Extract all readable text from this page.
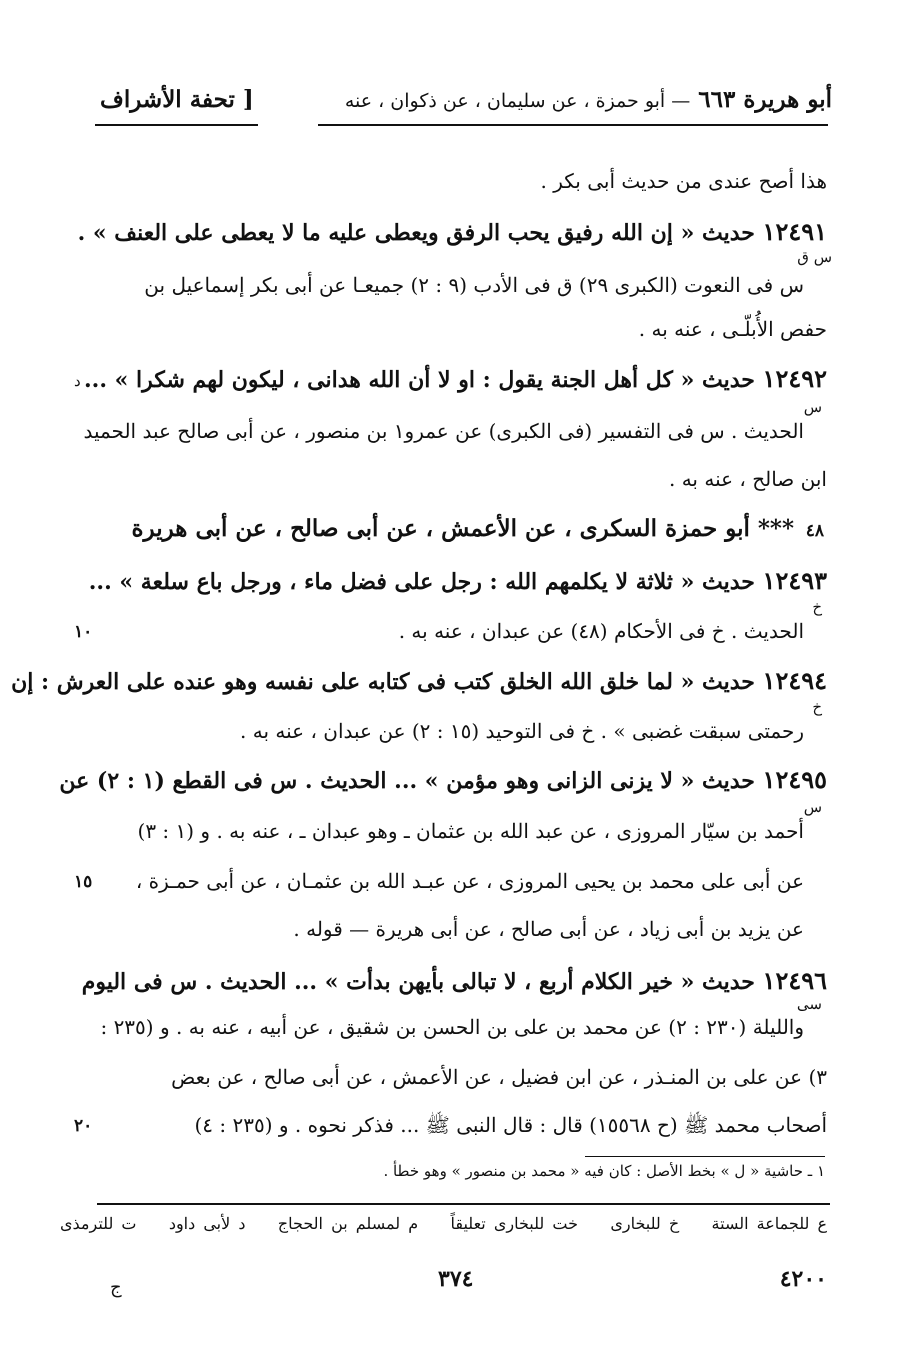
أبو هريرة ٦٦٣ — أبو حمزة ، عن سليمان ، عن ذكوان ، عنه
[ تحفة الأشراف
هذا أصح عندى من حديث أبى بكر .
١٢٤٩١ حديث « إن الله رفيق يحب الرفق ويعطى عليه ما لا يعطى على العنف » .
س ق
س فى النعوت (الكبرى ٢٩) ق فى الأدب (٩ : ٢) جميعـا عن أبى بكر إسماعيل بن
حفص الأُبلّـى ، عنه به .
١٢٤٩٢ حديث « كل أهل الجنة يقول : او لا أن الله هدانى ، ليكون لهم شكرا » ...
د
س
الحديث . س فى التفسير (فى الكبرى) عن عمرو١ بن منصور ، عن أبى صالح عبد الحميد
ابن صالح ، عنه به .
٤٨
*** أبو حمزة السكرى ، عن الأعمش ، عن أبى صالح ، عن أبى هريرة
١٢٤٩٣ حديث « ثلاثة لا يكلمهم الله : رجل على فضل ماء ، ورجل باع سلعة » ...
خ
الحديث . خ فى الأحكام (٤٨) عن عبدان ، عنه به .
١٠
١٢٤٩٤ حديث « لما خلق الله الخلق كتب فى كتابه على نفسه وهو عنده على العرش : إن
خ
رحمتى سبقت غضبى » . خ فى التوحيد (١٥ : ٢) عن عبدان ، عنه به .
١٢٤٩٥ حديث « لا يزنى الزانى وهو مؤمن » ... الحديث . س فى القطع (١ : ٢) عن
س
أحمد بن سيّار المروزى ، عن عبد الله بن عثمان ـ وهو عبدان ـ ، عنه به . و (١ : ٣)
عن أبى على محمد بن يحيى المروزى ، عن عبـد الله بن عثمـان ، عن أبى حمـزة ،
١٥
عن يزيد بن أبى زياد ، عن أبى صالح ، عن أبى هريرة — قوله .
١٢٤٩٦ حديث « خير الكلام أربع ، لا تبالى بأيهن بدأت » ... الحديث . س فى اليوم
سى
والليلة (٢٣٠ : ٢) عن محمد بن على بن الحسن بن شقيق ، عن أبيه ، عنه به . و (٢٣٥ :
٣) عن على بن المنـذر ، عن ابن فضيل ، عن الأعمش ، عن أبى صالح ، عن بعض
أصحاب محمد ﷺ (ح ١٥٥٦٨) قال : قال النبى ﷺ ... فذكر نحوه . و (٢٣٥ : ٤)
٢٠
١ ـ حاشية « ل » بخط الأصل : كان فيه « محمد بن منصور » وهو خطأ .
ع للجماعة الستة    خ للبخارى    خت للبخارى تعليقاً    م لمسلم بن الحجاج    د لأبى داود    ت للترمذى
٣٧٤	٤٢٠٠
ج
